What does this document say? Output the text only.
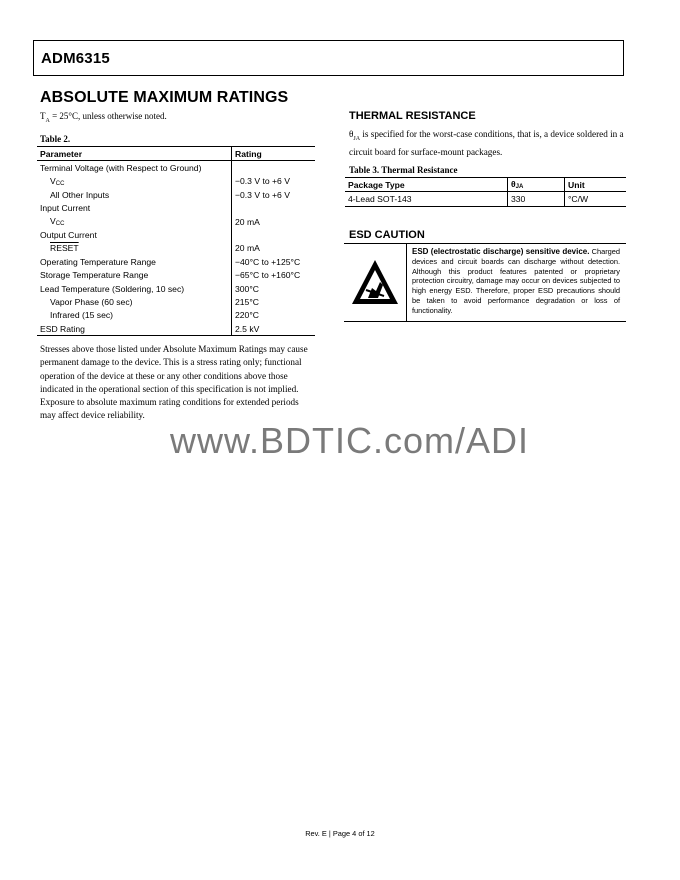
ADM6315
ABSOLUTE MAXIMUM RATINGS
$T_A = 25^\circ C$, unless otherwise noted.
Table 2.
Parameter	Rating
Terminal Voltage (with Respect to Ground)	
VCC	−0.3 V to +6 V
All Other Inputs	−0.3 V to +6 V
Input Current	
VCC	20 mA
Output Current	
RESET	20 mA
Operating Temperature Range	−40°C to +125°C
Storage Temperature Range	−65°C to +160°C
Lead Temperature (Soldering, 10 sec)	300°C
Vapor Phase (60 sec)	215°C
Infrared (15 sec)	220°C
ESD Rating	2.5 kV
Stresses above those listed under Absolute Maximum Ratings may cause permanent damage to the device. This is a stress rating only; functional operation of the device at these or any other conditions above those indicated in the operational section of this specification is not implied. Exposure to absolute maximum rating conditions for extended periods may affect device reliability.
THERMAL RESISTANCE
$\theta_{JA}$ is specified for the worst-case conditions, that is, a device soldered in a circuit board for surface-mount packages.
Table 3. Thermal Resistance
Package Type	$\theta_{JA}$	Unit
4-Lead SOT-143	330	°C/W
ESD CAUTION
ESD (electrostatic discharge) sensitive device. Charged devices and circuit boards can discharge without detection. Although this product features patented or proprietary protection circuitry, damage may occur on devices subjected to high energy ESD. Therefore, proper ESD precautions should be taken to avoid performance degradation or loss of functionality.
www.BDTIC.com/ADI
Rev. E | Page 4 of 12
